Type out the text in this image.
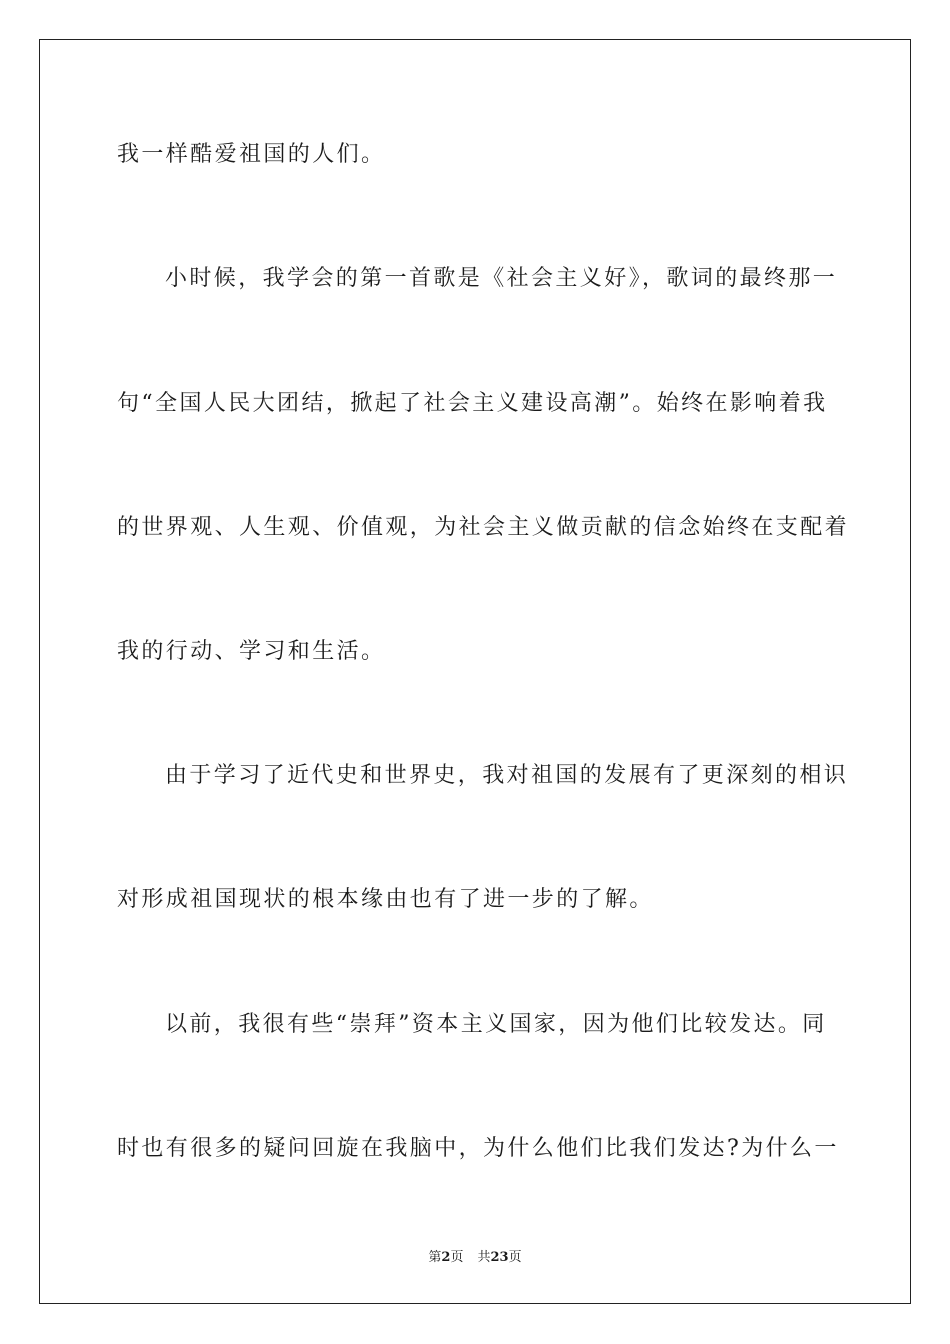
我一样酷爱祖国的人们。
小时候，我学会的第一首歌是《社会主义好》，歌词的最终那一
句“全国人民大团结，掀起了社会主义建设高潮”。始终在影响着我
的世界观、人生观、价值观，为社会主义做贡献的信念始终在支配着
我的行动、学习和生活。
由于学习了近代史和世界史，我对祖国的发展有了更深刻的相识
对形成祖国现状的根本缘由也有了进一步的了解。
以前，我很有些“崇拜”资本主义国家，因为他们比较发达。同
时也有很多的疑问回旋在我脑中，为什么他们比我们发达?为什么一
第2页 共23页
